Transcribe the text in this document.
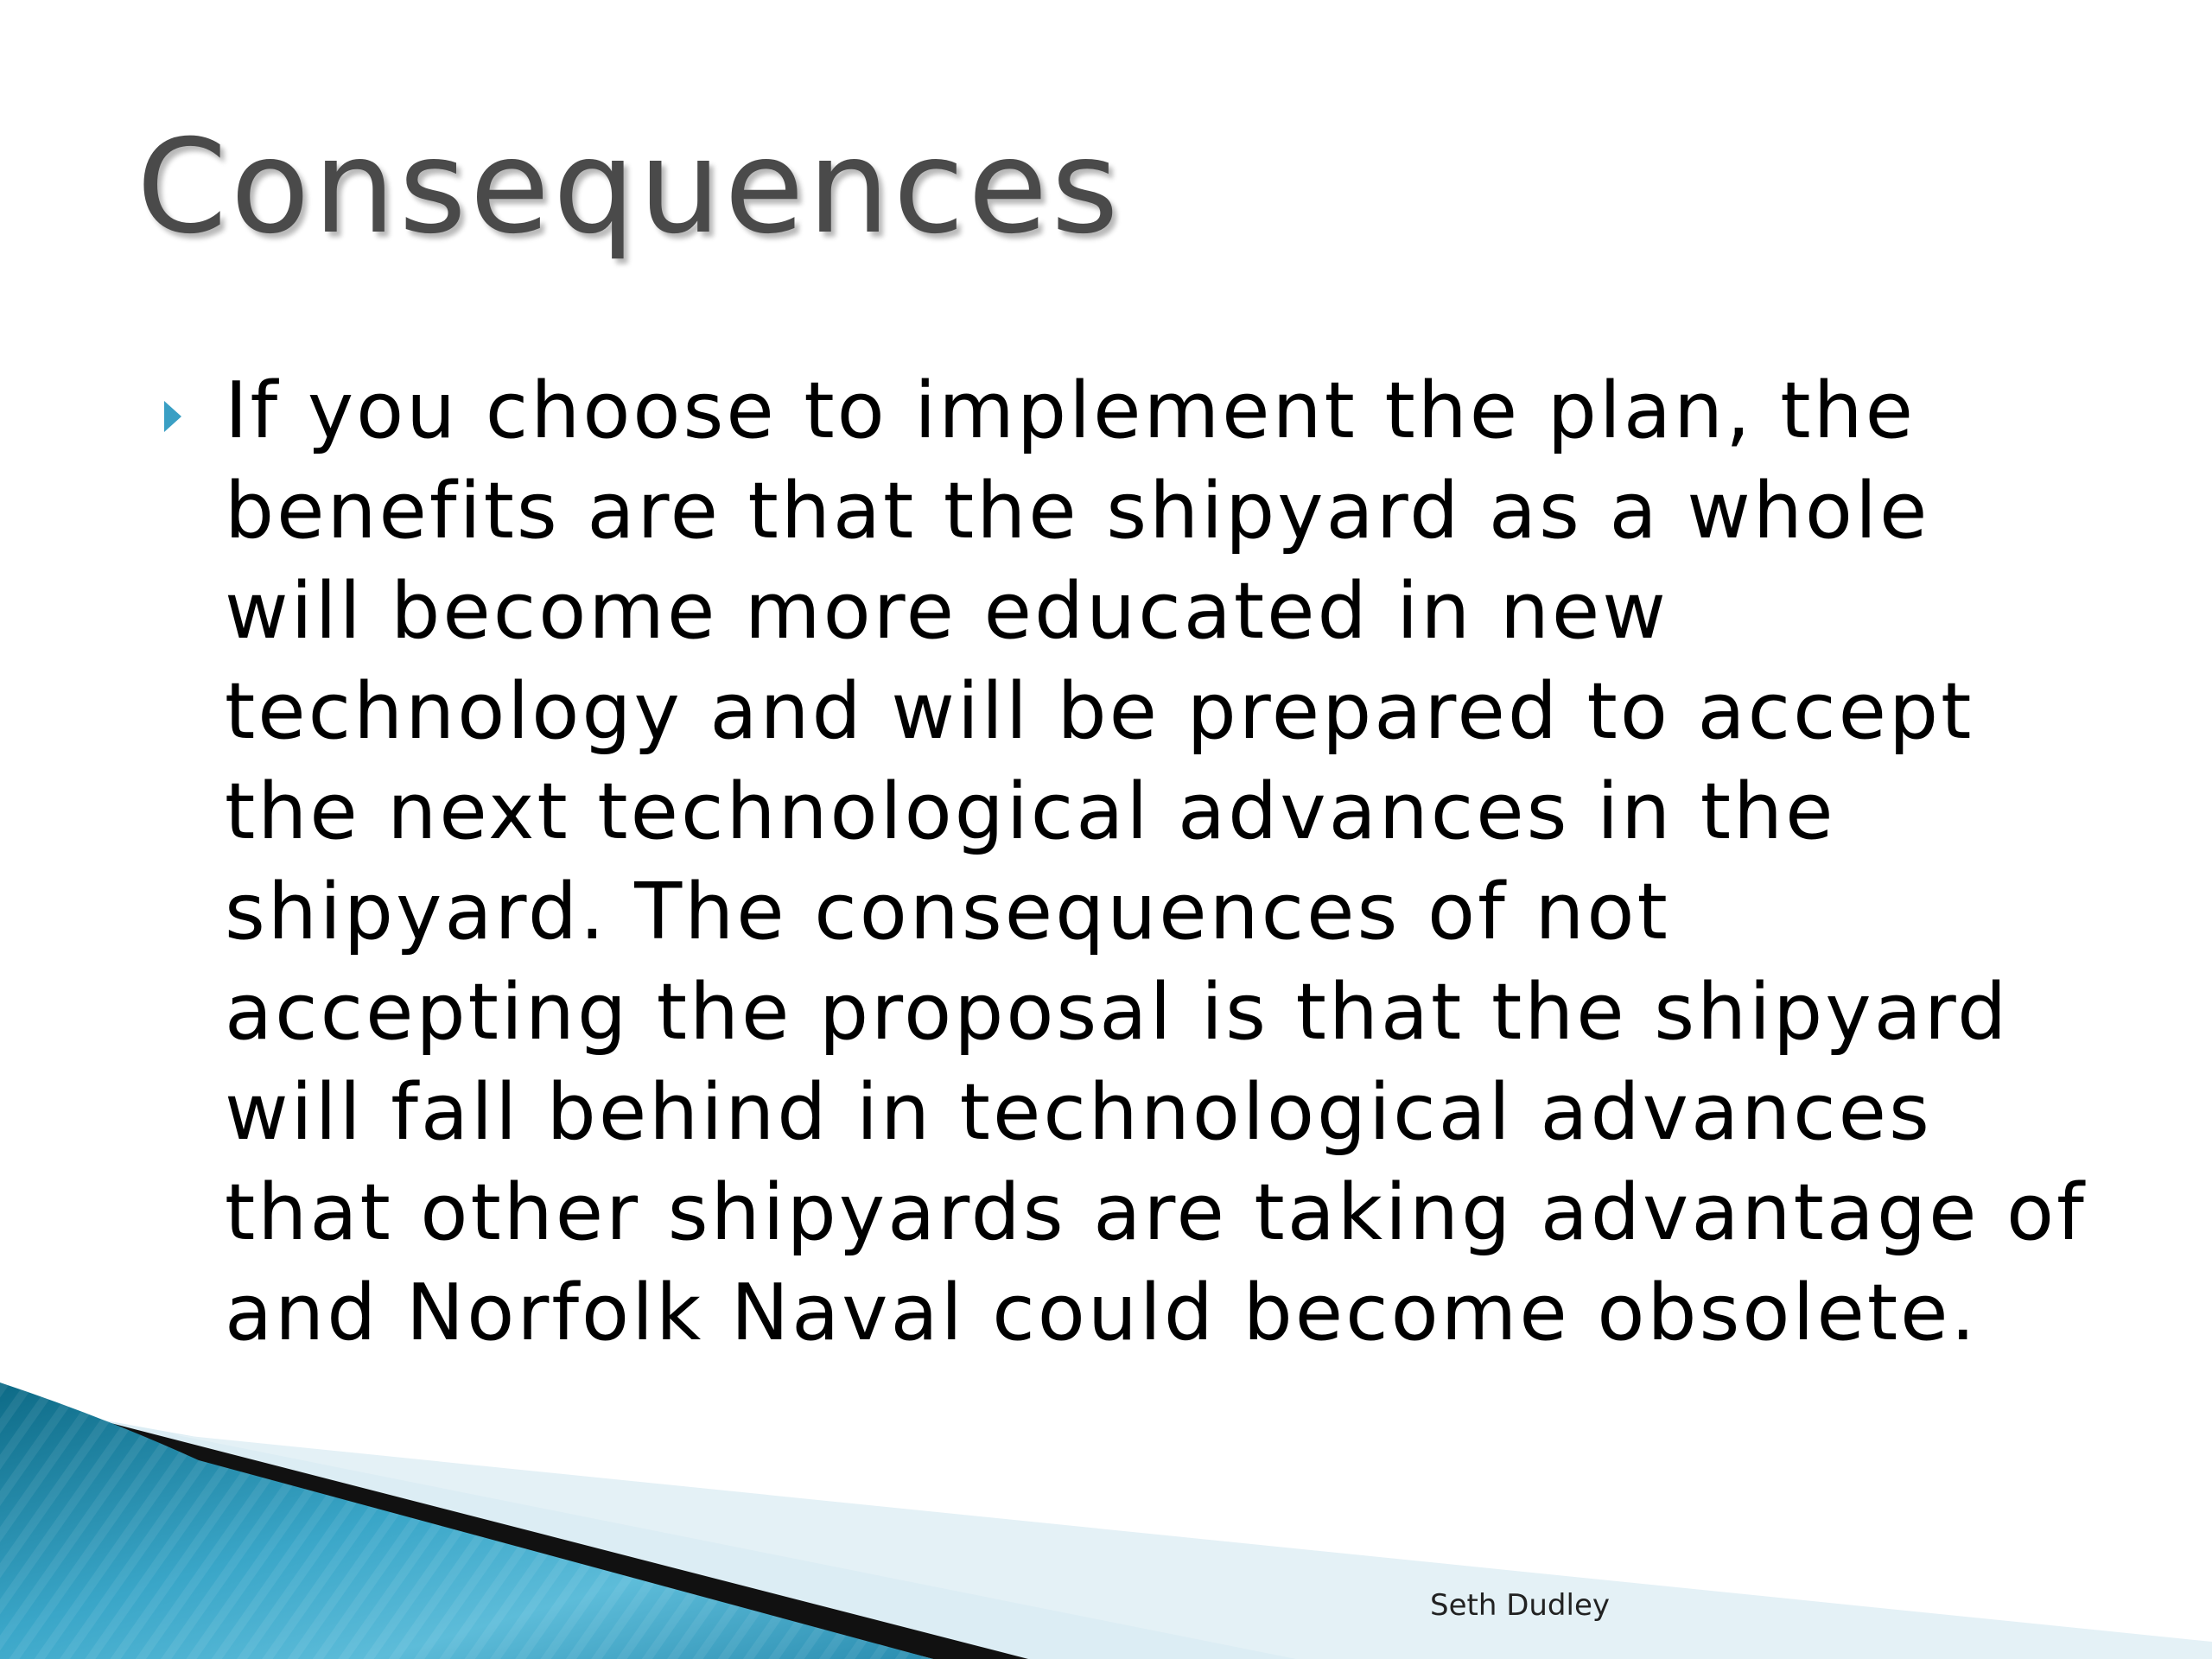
Consequences
If you choose to implement the plan, the benefits are that the shipyard as a whole will become more educated in new technology and will be prepared to accept the next technological advances in the shipyard. The consequences of not accepting the proposal is that the shipyard will fall behind in technological advances that other shipyards are taking advantage of and Norfolk Naval could become obsolete.
Seth Dudley
